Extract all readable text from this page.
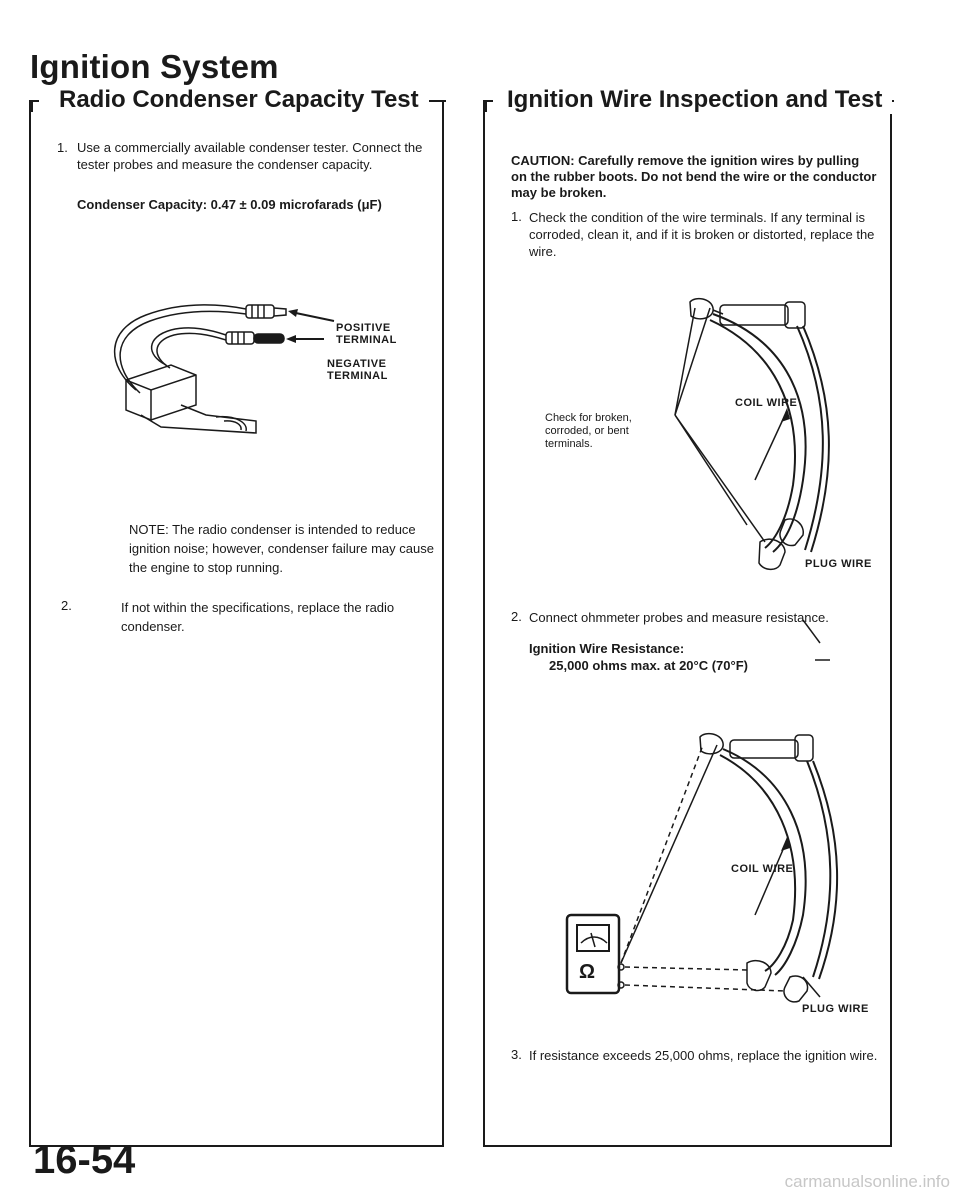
Ignition System
Radio Condenser Capacity Test
1. Use a commercially available condenser tester. Connect the tester probes and measure the condenser capacity.

Condenser Capacity: 0.47 ± 0.09 microfarads (μF)

POSITIVE TERMINAL
NEGATIVE TERMINAL

NOTE: The radio condenser is intended to reduce ignition noise; however, condenser failure may cause the engine to stop running.

2.	If not within the specifications, replace the radio condenser.

Ignition Wire Inspection and Test

CAUTION: Carefully remove the ignition wires by pulling on the rubber boots. Do not bend the wire or the conductor may be broken.

1. Check the condition of the wire terminals. If any terminal is corroded, clean it, and if it is broken or distorted, replace the wire.

Check for broken, corroded, or bent terminals.

COIL WIRE
PLUG WIRE
2. Connect ohmmeter probes and measure resistance.

Ignition Wire Resistance:

25,000 ohms max. at 20°C (70°F)

Ω
COIL WIRE
PLUG WIRE
3. If resistance exceeds 25,000 ohms, replace the ignition wire.

16-54	carmanualsonline.info
